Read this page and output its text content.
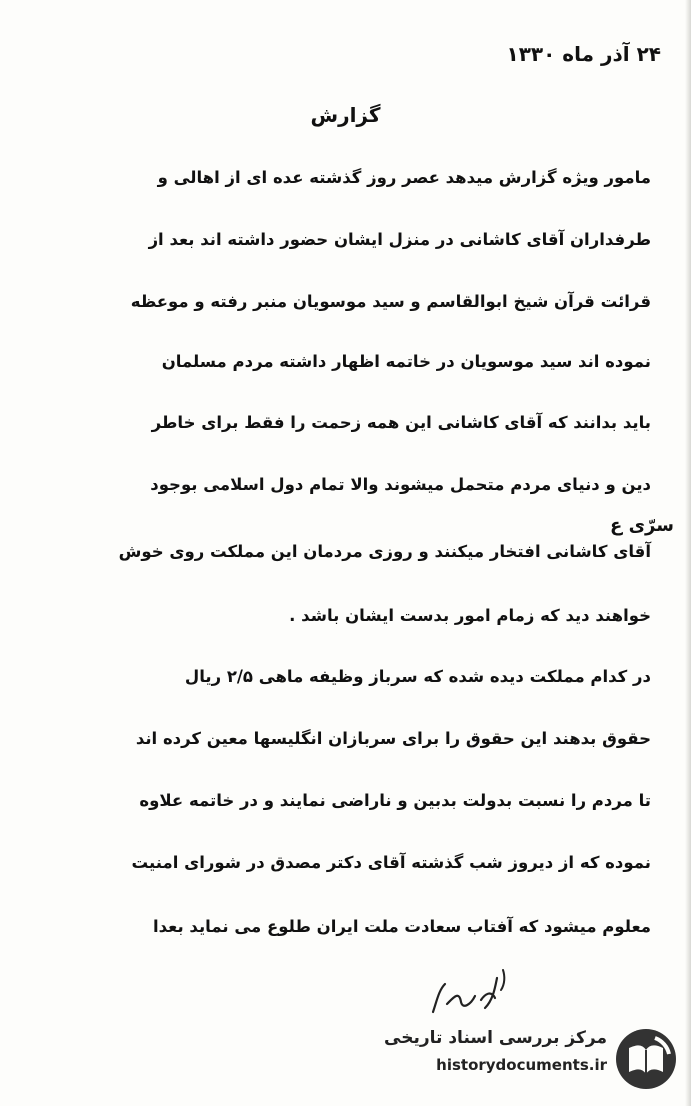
۲۴ آذر ماه ۱۳۳۰
گزارش
مامور ویژه گزارش میدهد عصر روز گذشته عده ای از اهالی و
طرفداران آقای کاشانی در منزل ایشان حضور داشته اند بعد از
قرائت قرآن شیخ ابوالقاسم و سید موسویان منبر رفته و موعظه
نموده اند سید موسویان در خاتمه اظهار داشته مردم مسلمان
باید بدانند که آقای کاشانی این همه زحمت را فقط برای خاطر
دین و دنیای مردم متحمل میشوند والا تمام دول اسلامی بوجود
آقای کاشانی افتخار میکنند و روزی مردمان این مملکت روی خوش
خواهند دید که زمام امور بدست ایشان باشد .
در کدام مملکت دیده شده که سرباز وظیفه ماهی ۲/۵ ریال
حقوق بدهند این حقوق را برای سربازان انگلیسها معین کرده اند
تا مردم را نسبت بدولت بدبین و ناراضی نمایند و در خاتمه علاوه
نموده که از دیروز شب گذشته آقای دکتر مصدق در شورای امنیت
معلوم میشود که آفتاب سعادت ملت ایران طلوع می نماید بعدا
سرّی ع
مرکز بررسی اسناد تاریخی
historydocuments.ir
